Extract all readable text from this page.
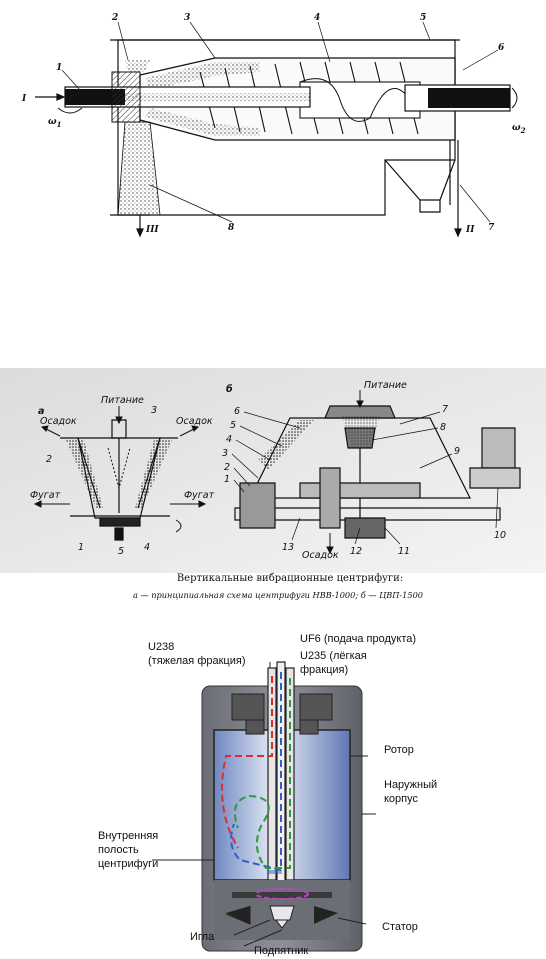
1
2	3	4	5
6
7
8
I
II
III
$\omega_1$	$\omega_2$
а
Питание
Осадок	Осадок
Фугат	Фугат
2
3
1	5 4
б	Питание
Осадок
6
5
4
3
2
1
7
8
9
10
13	12	11
Вертикальные вибрационные центрифуги:
а — принципиальная схема центрифуги НВВ-1000; б — ЦВП-1500
U238
(тяжелая фракция)
UF6 (подача продукта)
U235 (лёгкая
фракция)
Ротор
Наружный
корпус
Внутренняя
полость
центрифуги
Статор
Игла
Подпятник
